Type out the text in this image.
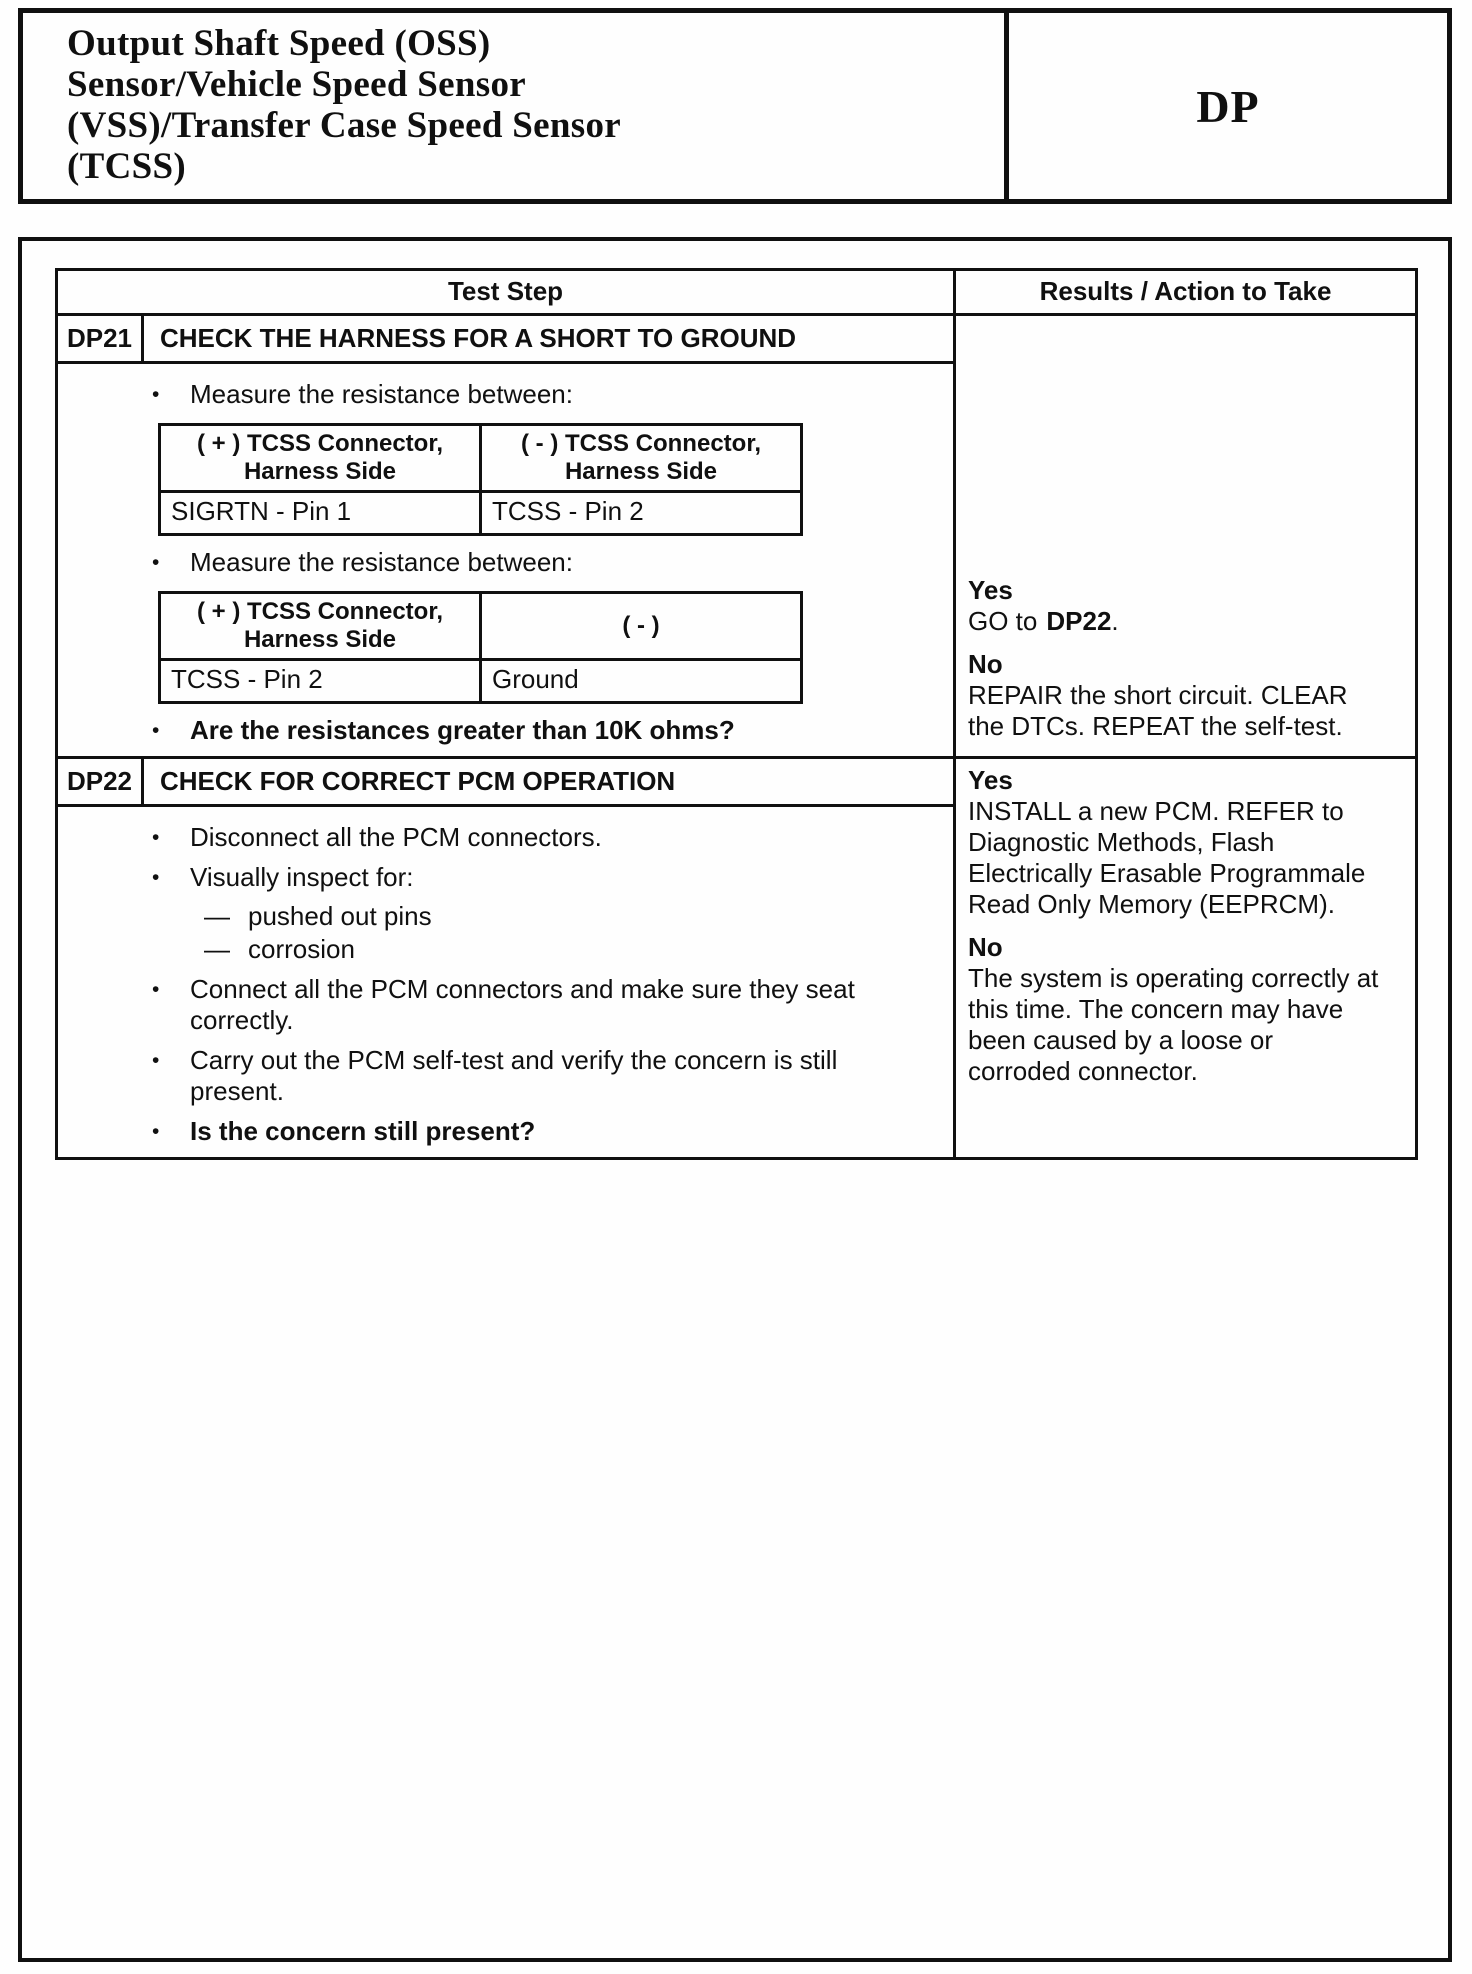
Output Shaft Speed (OSS)
Sensor/Vehicle Speed Sensor
(VSS)/Transfer Case Speed Sensor
(TCSS)
DP
Test Step	Results / Action to Take

DP21	CHECK THE HARNESS FOR A SHORT TO GROUND
•	Measure the resistance between:
( + ) TCSS Connector, Harness Side	( - ) TCSS Connector, Harness Side
SIGRTN - Pin 1	TCSS - Pin 2
•	Measure the resistance between:
( + ) TCSS Connector, Harness Side	( - )
TCSS - Pin 2	Ground
•	Are the resistances greater than 10K ohms?

Yes
GO to DP22.
No
REPAIR the short circuit. CLEAR the DTCs. REPEAT the self-test.

DP22	CHECK FOR CORRECT PCM OPERATION
•	Disconnect all the PCM connectors.
•	Visually inspect for:
— pushed out pins
— corrosion
•	Connect all the PCM connectors and make sure they seat correctly.
•	Carry out the PCM self-test and verify the concern is still present.
•	Is the concern still present?

Yes
INSTALL a new PCM. REFER to Diagnostic Methods, Flash Electrically Erasable Programmale Read Only Memory (EEPRCM).
No
The system is operating correctly at this time. The concern may have been caused by a loose or corroded connector.
